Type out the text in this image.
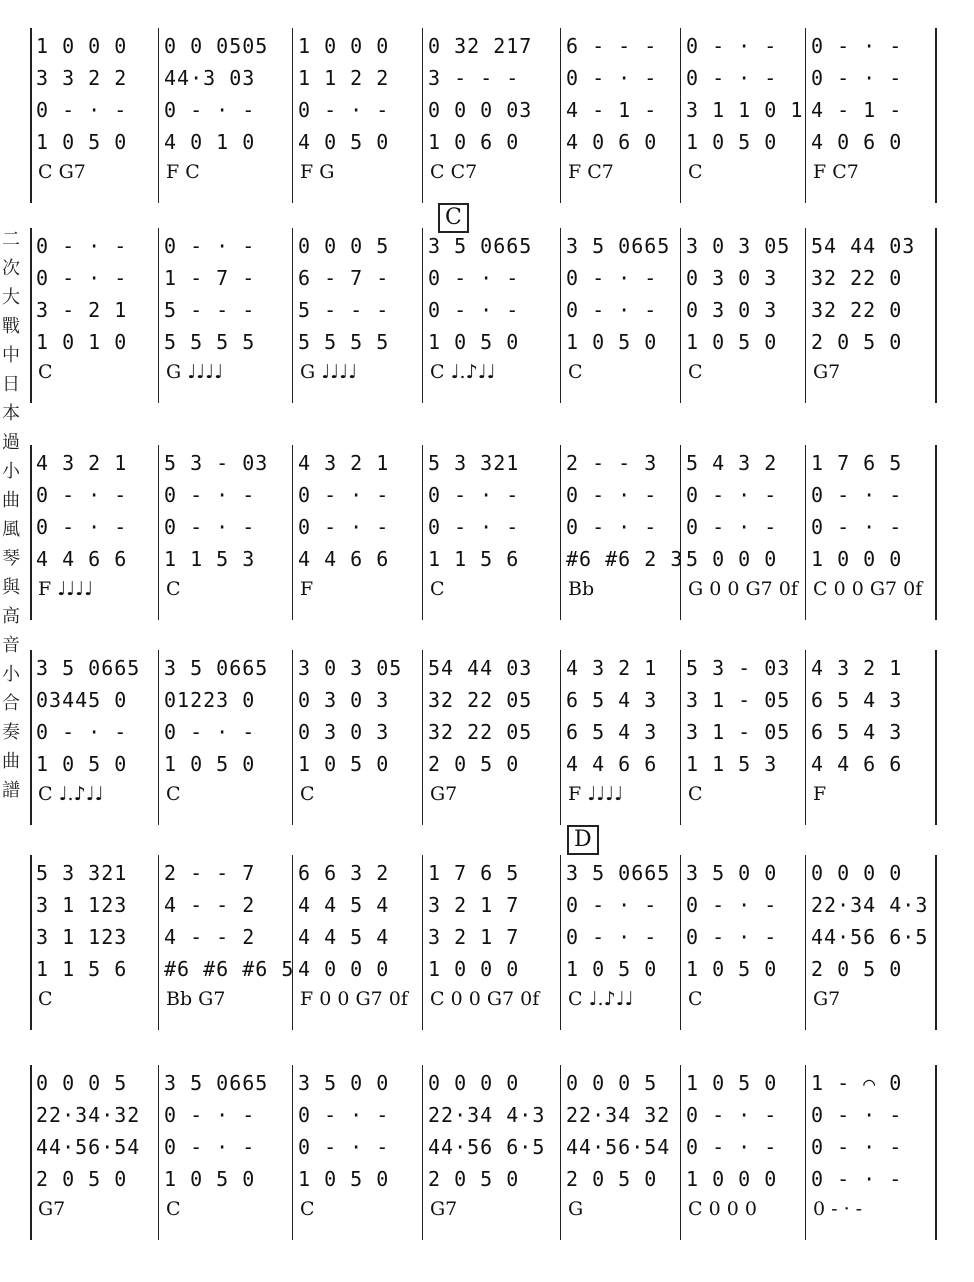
二
次
大
戰
中
日
本
過
小
曲
風
琴
與
高
音
小
合
奏
曲
譜
1 0 0 0
3 3 2 2
0 - · -
1 0 5 0
C G7
0 0 0505
44·3 03
0 - · -
4 0 1 0
F C
1 0 0 0
1 1 2 2
0 - · -
4 0 5 0
F G
0 32 217
3 - - -
0 0 0 03
1 0 6 0
C C7
6 - - -
0 - · -
4 - 1 -
4 0 6 0
F C7
0 - · -
0 - · -
3 1 1 0 1
1 0 5 0
C
0 - · -
0 - · -
4 - 1 -
4 0 6 0
F C7
C
0 - · -
0 - · -
3 - 2 1
1 0 1 0
C
0 - · -
1 - 7 -
5 - - -
5 5 5 5
G ♩♩♩♩
0 0 0 5
6 - 7 -
5 - - -
5 5 5 5
G ♩♩♩♩
3 5 0665
0 - · -
0 - · -
1 0 5 0
C ♩.♪♩♩
3 5 0665
0 - · -
0 - · -
1 0 5 0
C
3 0 3 05
0 3 0 3
0 3 0 3
1 0 5 0
C
54 44 03
32 22 0
32 22 0
2 0 5 0
G7
4 3 2 1
0 - · -
0 - · -
4 4 6 6
F ♩♩♩♩
5 3 - 03
0 - · -
0 - · -
1 1 5 3
C
4 3 2 1
0 - · -
0 - · -
4 4 6 6
F
5 3 321
0 - · -
0 - · -
1 1 5 6
C
2 - - 3
0 - · -
0 - · -
#6 #6 2 3
Bb
5 4 3 2
0 - · -
0 - · -
5 0 0 0
G 0 0 G7 0f
1 7 6 5
0 - · -
0 - · -
1 0 0 0
C 0 0 G7 0f
3 5 0665
03445 0
0 - · -
1 0 5 0
C ♩.♪♩♩
3 5 0665
01223 0
0 - · -
1 0 5 0
C
3 0 3 05
0 3 0 3
0 3 0 3
1 0 5 0
C
54 44 03
32 22 05
32 22 05
2 0 5 0
G7
4 3 2 1
6 5 4 3
6 5 4 3
4 4 6 6
F ♩♩♩♩
5 3 - 03
3 1 - 05
3 1 - 05
1 1 5 3
C
4 3 2 1
6 5 4 3
6 5 4 3
4 4 6 6
F
D
5 3 321
3 1 123
3 1 123
1 1 5 6
C
2 - - 7
4 - - 2
4 - - 2
#6 #6 #6 5
Bb G7
6 6 3 2
4 4 5 4
4 4 5 4
4 0 0 0
F 0 0 G7 0f
1 7 6 5
3 2 1 7
3 2 1 7
1 0 0 0
C 0 0 G7 0f
3 5 0665
0 - · -
0 - · -
1 0 5 0
C ♩.♪♩♩
3 5 0 0
0 - · -
0 - · -
1 0 5 0
C
0 0 0 0
22·34 4·3
44·56 6·5
2 0 5 0
G7
0 0 0 5
22·34·32
44·56·54
2 0 5 0
G7
3 5 0665
0 - · -
0 - · -
1 0 5 0
C
3 5 0 0
0 - · -
0 - · -
1 0 5 0
C
0 0 0 0
22·34 4·3
44·56 6·5
2 0 5 0
G7
0 0 0 5
22·34 32
44·56·54
2 0 5 0
G
1 0 5 0
0 - · -
0 - · -
1 0 0 0
C 0 0 0
1 - ⌒ 0
0 - · -
0 - · -
0 - · -
0 - · -
